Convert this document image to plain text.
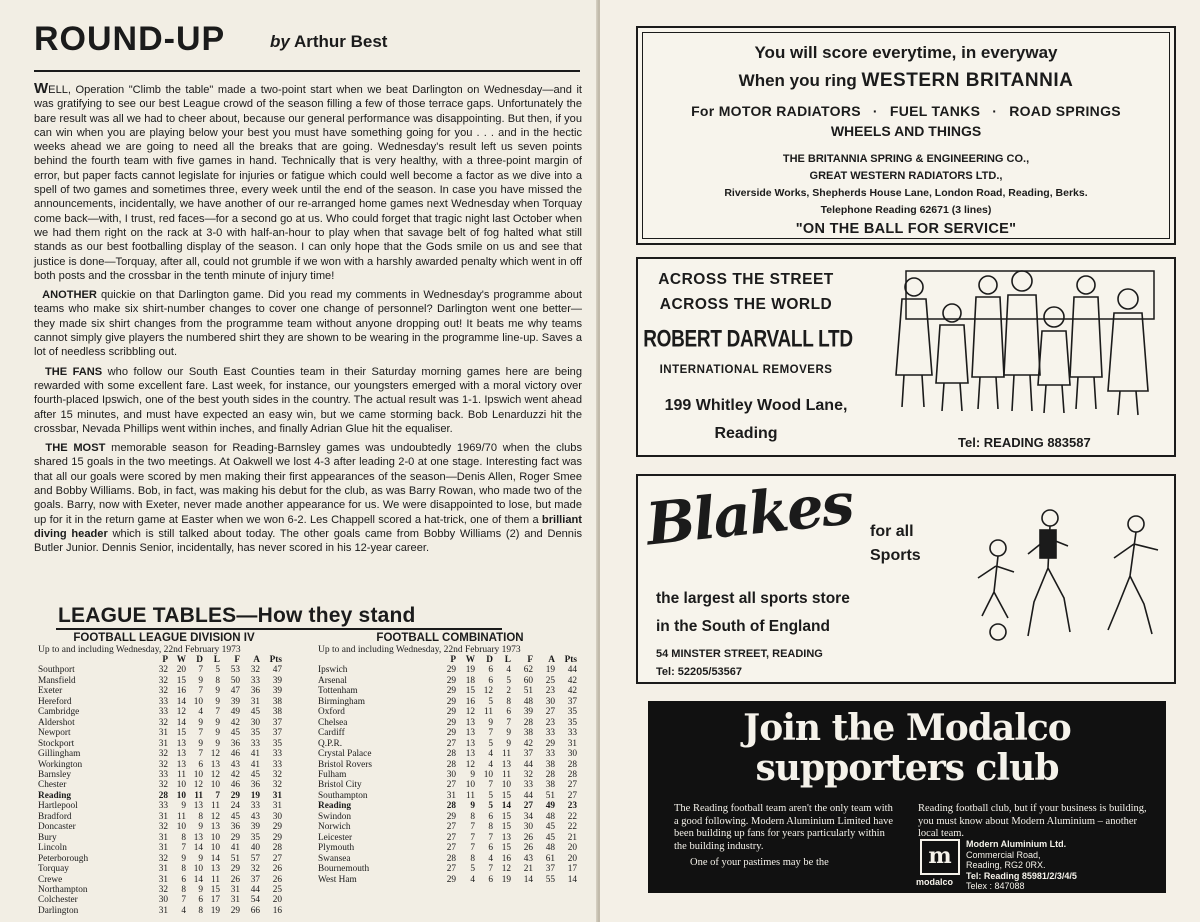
ROUND-UP	by Arthur Best

WELL, Operation "Climb the table" made a two-point start when we beat Darlington on Wednesday—and it was gratifying to see our best League crowd of the season filling a few of those terrace gaps. Unfortunately the bare result was all we had to cheer about, because our general performance was disappointing. But then, if you can win when you are playing below your best you must have something going for you . . . and in the hectic weeks ahead we are going to need all the breaks that are going. Wednesday's result left us seven points behind the fourth team with five games in hand. Technically that is very healthy, with a three-point margin of error, but paper facts cannot legislate for injuries or fatigue which could well become a factor as we dive into a spell of two games and sometimes three, every week until the end of the season. In case you have missed the announcements, incidentally, we have another of our re-arranged home games next Wednesday when Torquay come back—with, I trust, red faces—for a second go at us. Who could forget that tragic night last October when we had them right on the rack at 3-0 with half-an-hour to play when that savage belt of fog halted what still stands as our best footballing display of the season. I can only hope that the Gods smile on us and see that justice is done—Torquay, after all, could not grumble if we won with a harshly awarded penalty which went in off both posts and the crossbar in the tenth minute of injury time!

ANOTHER quickie on that Darlington game. Did you read my comments in Wednesday's programme about teams who make six shirt-number changes to cover one change of personnel? Darlington went one better—they made six shirt changes from the programme team without anyone dropping out! It beats me why teams cannot simply give players the numbered shirt they are shown to be wearing in the programme line-up. Saves a lot of needless scribbling out.

THE FANS who follow our South East Counties team in their Saturday morning games here are being rewarded with some excellent fare. Last week, for instance, our youngsters emerged with a moral victory over fourth-placed Ipswich, one of the best youth sides in the country. The actual result was 1-1. Ipswich went ahead after 15 minutes, and must have expected an easy win, but we came storming back. Bob Lenarduzzi hit the crossbar, Nevada Phillips went within inches, and finally Adrian Glue hit the equaliser.

THE MOST memorable season for Reading-Barnsley games was undoubtedly 1969/70 when the clubs shared 15 goals in the two meetings. At Oakwell we lost 4-3 after leading 2-0 at one stage. Interesting fact was that all our goals were scored by men making their first appearances of the season—Denis Allen, Roger Smee and Bobby Williams. Bob, in fact, was making his debut for the club, as was Barry Rowan, who made two of the goals. Barry, now with Exeter, never made another appearance for us. We were disappointed to lose, but made up for it in the return game at Easter when we won 6-2. Les Chappell scored a hat-trick, one of them a brilliant diving header which is still talked about today. The other goals came from Bobby Williams (2) and Dennis Butler Junior. Dennis Senior, incidentally, has never scored in his 12-year career.

LEAGUE TABLES—How they stand
FOOTBALL LEAGUE DIVISION IV
Up to and including Wednesday, 22nd February 1973
	P	W	D	L	F	A	Pts
Southport	32	20	7	5	53	32	47
Mansfield	32	15	9	8	50	33	39
Exeter	32	16	7	9	47	36	39
Hereford	33	14	10	9	39	31	38
Cambridge	33	12	4	7	49	45	38
Aldershot	32	14	9	9	42	30	37
Newport	31	15	7	9	45	35	37
Stockport	31	13	9	9	36	33	35
Gillingham	32	13	7	12	46	41	33
Workington	32	13	6	13	43	41	33
Barnsley	33	11	10	12	42	45	32
Chester	32	10	12	10	46	36	32
Reading	28	10	11	7	29	19	31
Hartlepool	33	9	13	11	24	33	31
Bradford	31	11	8	12	45	43	30
Doncaster	32	10	9	13	36	39	29
Bury	31	8	13	10	29	35	29
Lincoln	31	7	14	10	41	40	28
Peterborough	32	9	9	14	51	57	27
Torquay	31	8	10	13	29	32	26
Crewe	31	6	14	11	26	37	26
Northampton	32	8	9	15	31	44	25
Colchester	30	7	6	17	31	54	20
Darlington	31	4	8	19	29	66	16
FOOTBALL COMBINATION
Up to and including Wednesday, 22nd February 1973
	P	W	D	L	F	A	Pts
Ipswich	29	19	6	4	62	19	44
Arsenal	29	18	6	5	60	25	42
Tottenham	29	15	12	2	51	23	42
Birmingham	29	16	5	8	48	30	37
Oxford	29	12	11	6	39	27	35
Chelsea	29	13	9	7	28	23	35
Cardiff	29	13	7	9	38	33	33
Q.P.R.	27	13	5	9	42	29	31
Crystal Palace	28	13	4	11	37	33	30
Bristol Rovers	28	12	4	13	44	38	28
Fulham	30	9	10	11	32	28	28
Bristol City	27	10	7	10	33	38	27
Southampton	31	11	5	15	44	51	27
Reading	28	9	5	14	27	49	23
Swindon	29	8	6	15	34	48	22
Norwich	27	7	8	15	30	45	22
Leicester	27	7	7	13	26	45	21
Plymouth	27	7	6	15	26	48	20
Swansea	28	8	4	16	43	61	20
Bournemouth	27	5	7	12	21	37	17
West Ham	29	4	6	19	14	55	14
You will score everytime, in everyway
When you ring WESTERN BRITANNIA
For MOTOR RADIATORS · FUEL TANKS · ROAD SPRINGS
WHEELS AND THINGS
THE BRITANNIA SPRING & ENGINEERING CO.,
GREAT WESTERN RADIATORS LTD.,
Riverside Works, Shepherds House Lane, London Road, Reading, Berks.
Telephone Reading 62671 (3 lines)
"ON THE BALL FOR SERVICE"
ACROSS THE STREET
ACROSS THE WORLD
ROBERT DARVALL LTD
INTERNATIONAL REMOVERS
199 Whitley Wood Lane,
Reading
Tel: READING 883587
Blakes for all
Sports
the largest all sports store
in the South of England
54 MINSTER STREET, READING
Tel: 52205/53567
Join the Modalco
supporters club
The Reading football team aren't the only team with a good following. Modern Aluminium Limited have been building up fans for years particularly within the building industry.
One of your pastimes may be the
Reading football club, but if your business is building, you must know about Modern Aluminium – another local team.
m
modalco
Modern Aluminium Ltd.
Commercial Road,
Reading, RG2 0RX.
Tel: Reading 85981/2/3/4/5
Telex : 847088
